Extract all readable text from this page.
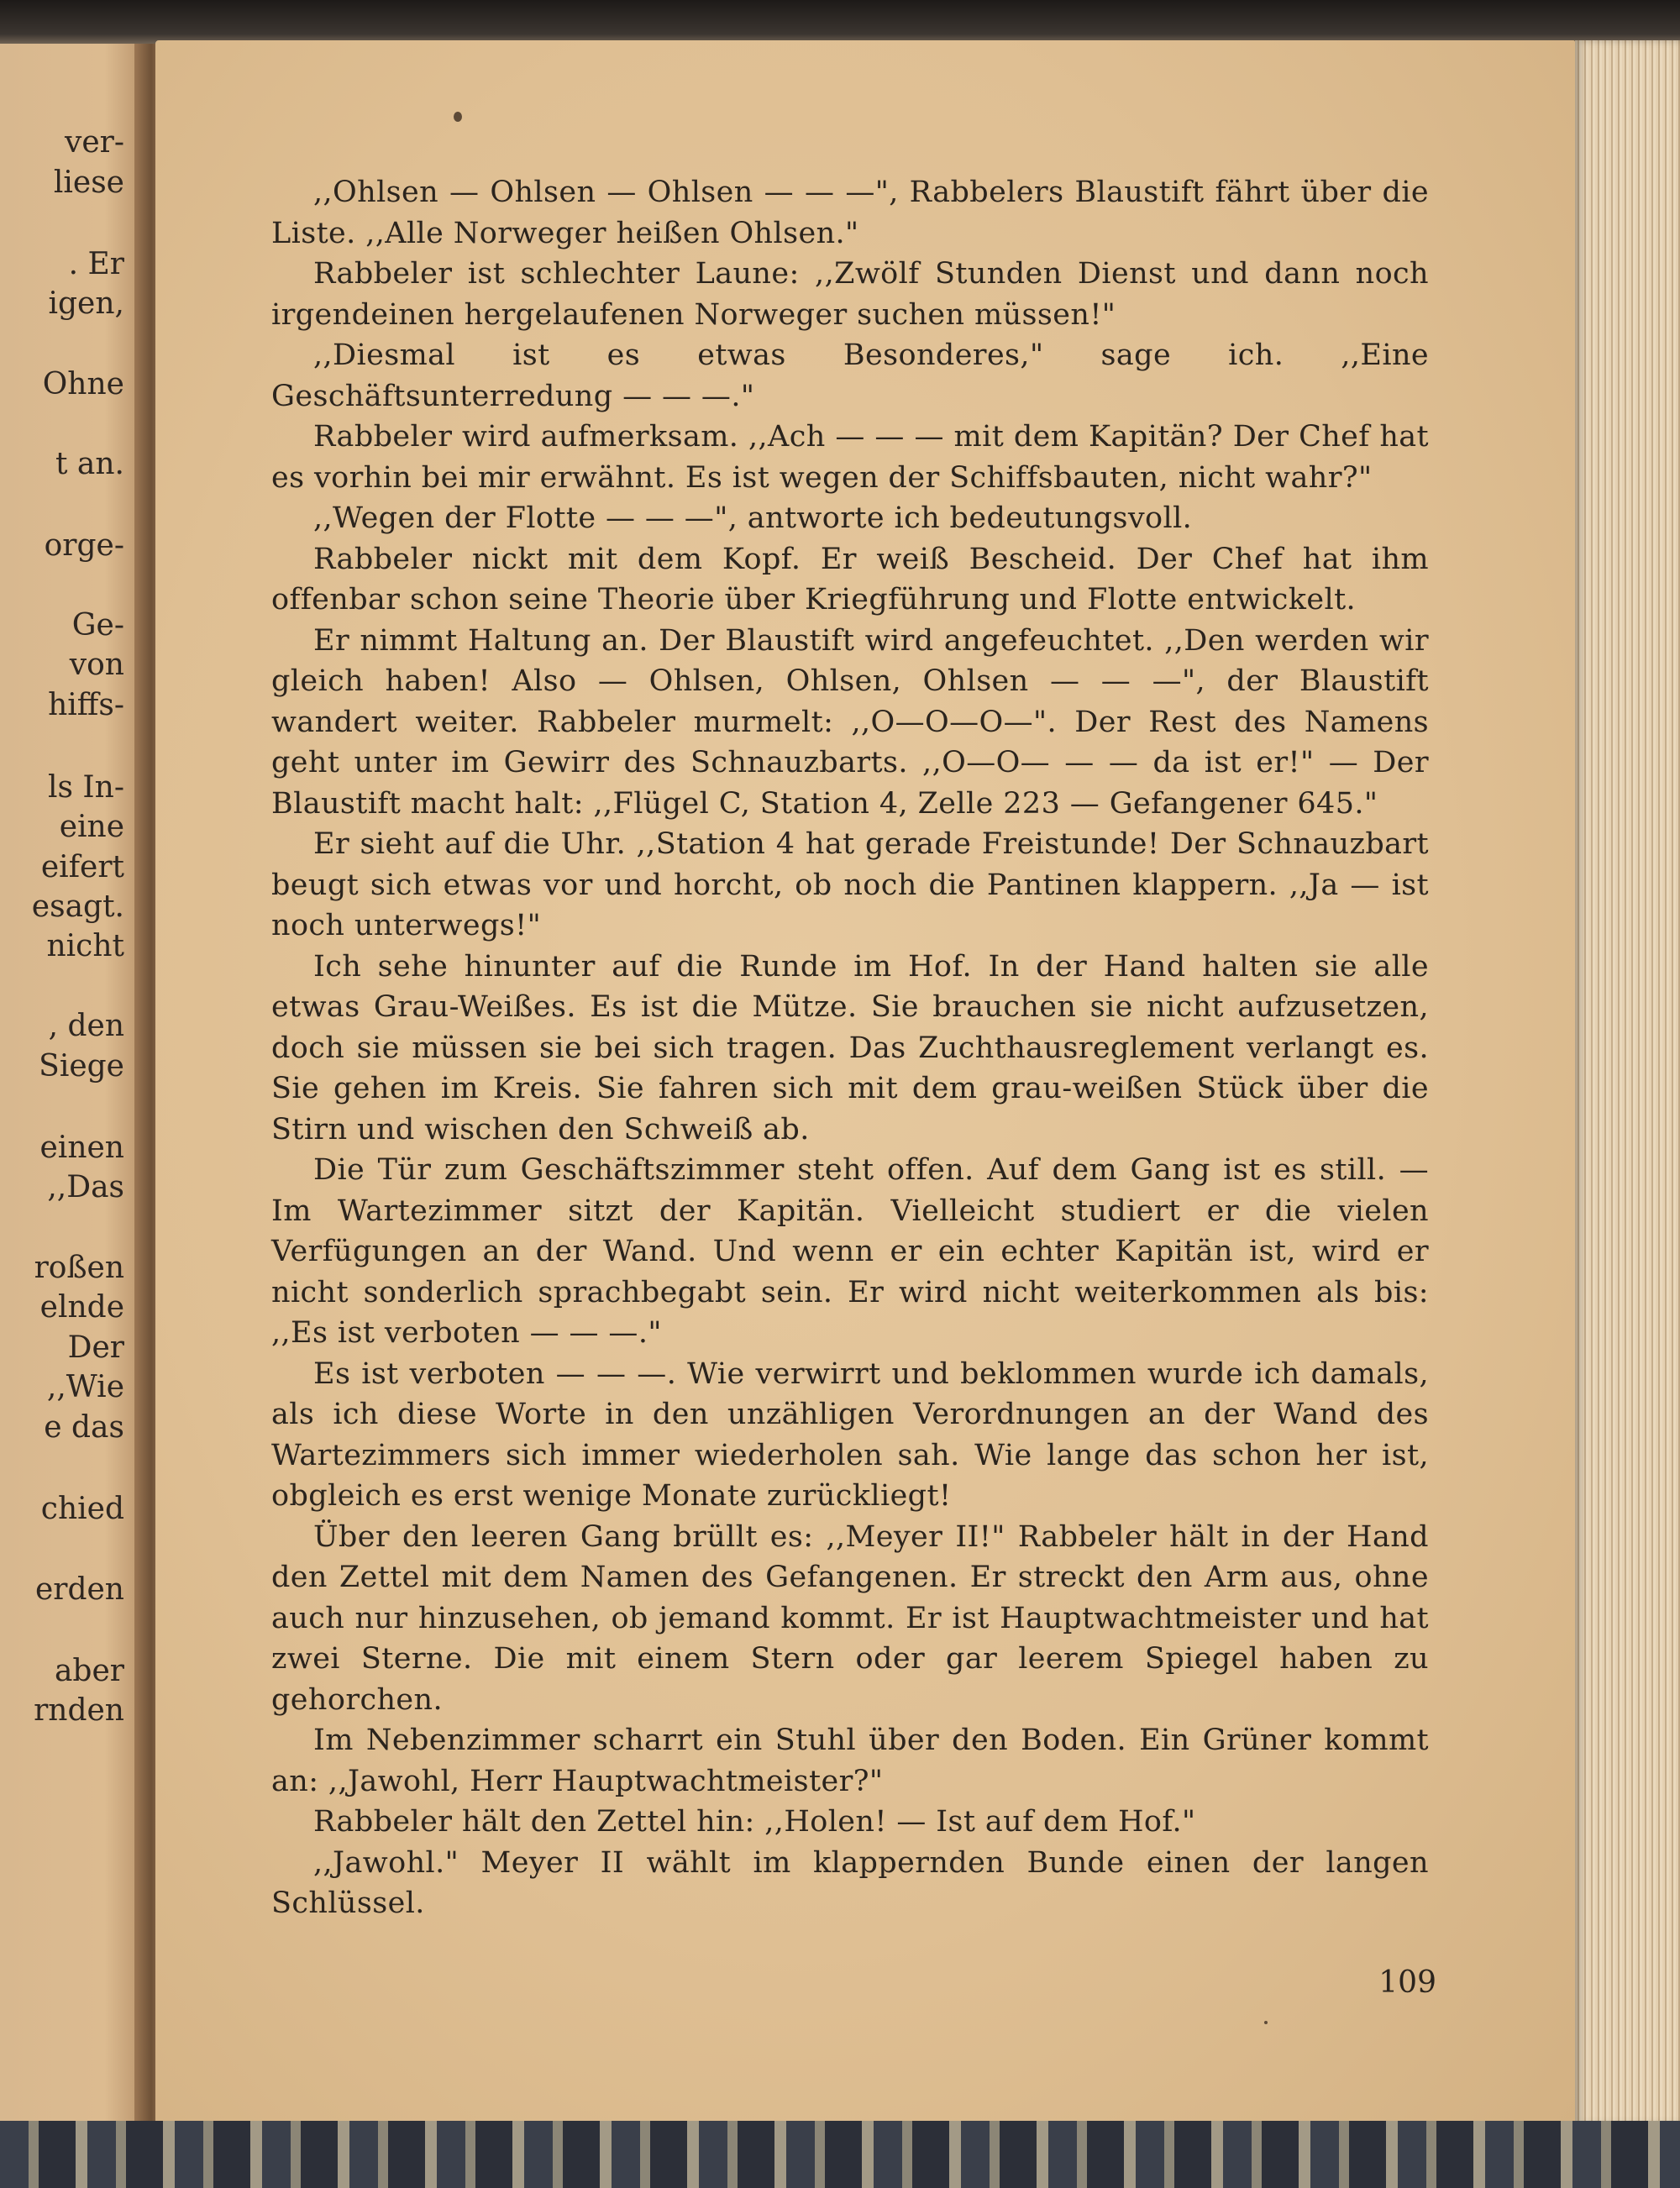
ver-
liese
. Er
igen,
Ohne
t an.
orge-
Ge-
von
hiffs-
ls In-
eine
eifert
esagt.
nicht
, den
Siege
einen
,,Das
roßen
elnde
Der
,,Wie
e das
chied
erden
aber
rnden

,,Ohlsen — Ohlsen — Ohlsen — — —", Rabbelers Blaustift fährt über die Liste. ,,Alle Norweger heißen Ohlsen."

Rabbeler ist schlechter Laune: ,,Zwölf Stunden Dienst und dann noch irgendeinen hergelaufenen Norweger suchen müssen!"

,,Diesmal ist es etwas Besonderes," sage ich. ,,Eine Geschäftsunterredung — — —."

Rabbeler wird aufmerksam. ,,Ach — — — mit dem Kapitän? Der Chef hat es vorhin bei mir erwähnt. Es ist wegen der Schiffsbauten, nicht wahr?"

,,Wegen der Flotte — — —", antworte ich bedeutungsvoll.

Rabbeler nickt mit dem Kopf. Er weiß Bescheid. Der Chef hat ihm offenbar schon seine Theorie über Kriegführung und Flotte entwickelt.

Er nimmt Haltung an. Der Blaustift wird angefeuchtet. ,,Den werden wir gleich haben! Also — Ohlsen, Ohlsen, Ohlsen — — —", der Blaustift wandert weiter. Rabbeler murmelt: ,,O—O—O—". Der Rest des Namens geht unter im Gewirr des Schnauzbarts. ,,O—O— — — da ist er!" — Der Blaustift macht halt: ,,Flügel C, Station 4, Zelle 223 — Gefangener 645."

Er sieht auf die Uhr. ,,Station 4 hat gerade Freistunde! Der Schnauzbart beugt sich etwas vor und horcht, ob noch die Pantinen klappern. ,,Ja — ist noch unterwegs!"

Ich sehe hinunter auf die Runde im Hof. In der Hand halten sie alle etwas Grau-Weißes. Es ist die Mütze. Sie brauchen sie nicht aufzusetzen, doch sie müssen sie bei sich tragen. Das Zuchthausreglement verlangt es. Sie gehen im Kreis. Sie fahren sich mit dem grau-weißen Stück über die Stirn und wischen den Schweiß ab.

Die Tür zum Geschäftszimmer steht offen. Auf dem Gang ist es still. — Im Wartezimmer sitzt der Kapitän. Vielleicht studiert er die vielen Verfügungen an der Wand. Und wenn er ein echter Kapitän ist, wird er nicht sonderlich sprachbegabt sein. Er wird nicht weiterkommen als bis: ,,Es ist verboten — — —."

Es ist verboten — — —. Wie verwirrt und beklommen wurde ich damals, als ich diese Worte in den unzähligen Verordnungen an der Wand des Wartezimmers sich immer wiederholen sah. Wie lange das schon her ist, obgleich es erst wenige Monate zurückliegt!

Über den leeren Gang brüllt es: ,,Meyer II!" Rabbeler hält in der Hand den Zettel mit dem Namen des Gefangenen. Er streckt den Arm aus, ohne auch nur hinzusehen, ob jemand kommt. Er ist Hauptwachtmeister und hat zwei Sterne. Die mit einem Stern oder gar leerem Spiegel haben zu gehorchen.

Im Nebenzimmer scharrt ein Stuhl über den Boden. Ein Grüner kommt an: ,,Jawohl, Herr Hauptwachtmeister?"

Rabbeler hält den Zettel hin: ,,Holen! — Ist auf dem Hof."

,,Jawohl." Meyer II wählt im klappernden Bunde einen der langen Schlüssel.

109
